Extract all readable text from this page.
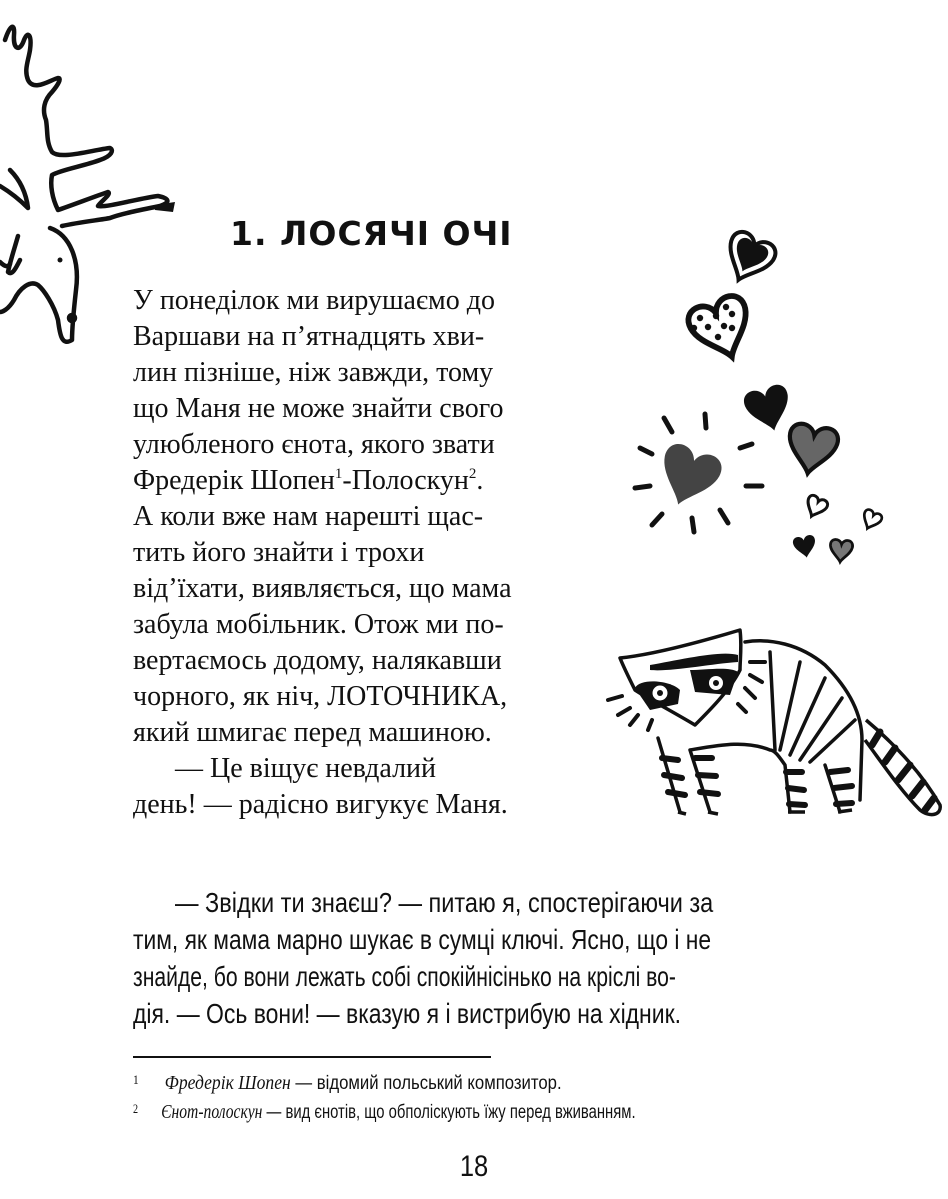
1. ЛОСЯЧІ ОЧІ
У понеділок ми вирушаємо до
Варшави на п’ятнадцять хви-
лин пізніше, ніж завжди, тому
що Маня не може знайти свого
улюбленого єнота, якого звати
Фредерік Шопен$^1$-Полоскун$^2$.
А коли вже нам нарешті щас-
тить його знайти і трохи
від’їхати, виявляється, що мама
забула мобільник. Отож ми по-
вертаємось додому, налякавши
чорного, як ніч, ЛОТОЧНИКА,
який шмигає перед машиною.
— Це віщує невдалий
день! — радісно вигукує Маня.
— Звідки ти знаєш? — питаю я, спостерігаючи за
тим, як мама марно шукає в сумці ключі. Ясно, що і не
знайде, бо вони лежать собі спокійнісінько на кріслі во-
дія. — Ось вони! — вказую я і вистрибую на хідник.
1 Фредерік Шопен — відомий польський композитор.
2 Єнот-полоскун — вид єнотів, що обполіскують їжу перед вживанням.
18
